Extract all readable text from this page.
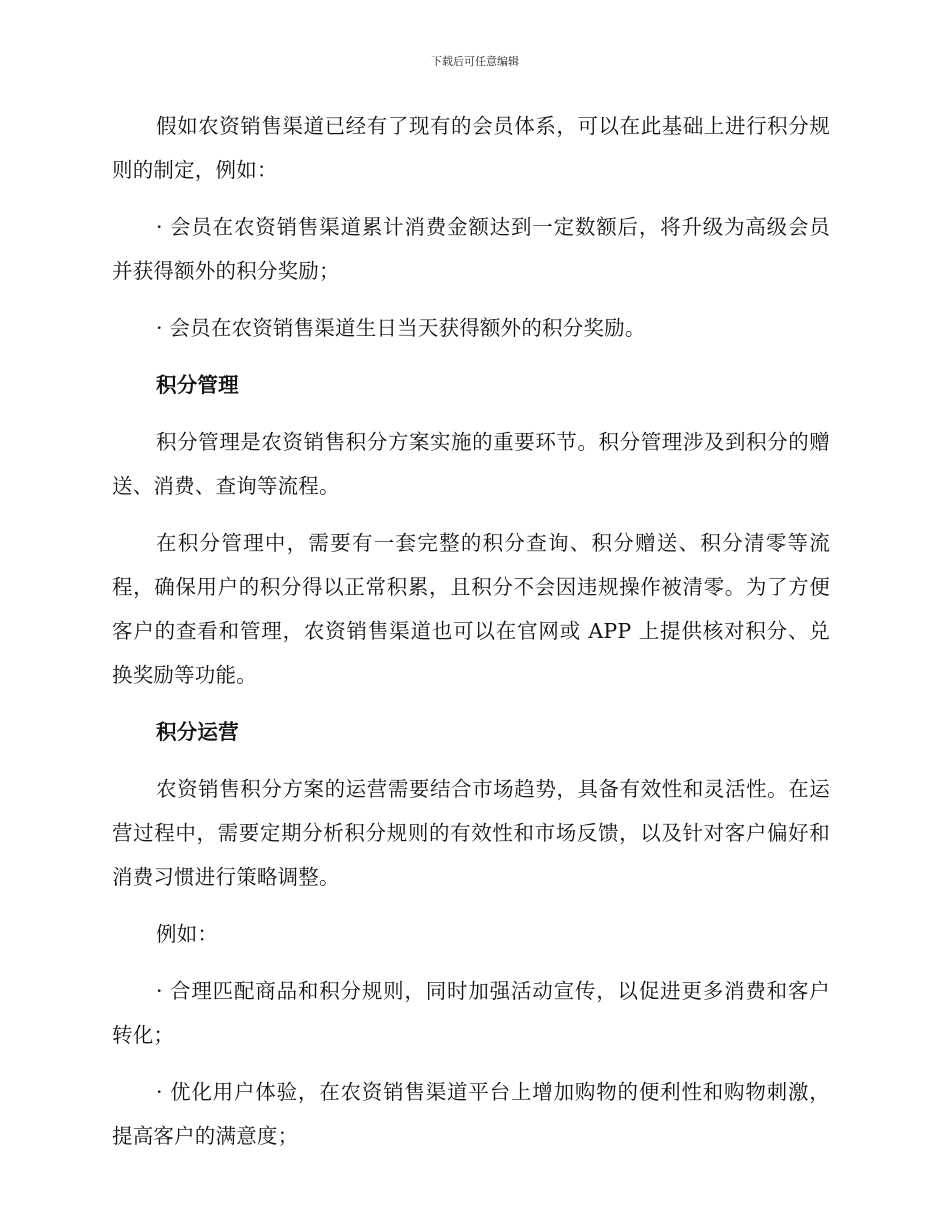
下载后可任意编辑

假如农资销售渠道已经有了现有的会员体系，可以在此基础上进行积分规则的制定，例如：

· 会员在农资销售渠道累计消费金额达到一定数额后，将升级为高级会员并获得额外的积分奖励；

· 会员在农资销售渠道生日当天获得额外的积分奖励。

积分管理

积分管理是农资销售积分方案实施的重要环节。积分管理涉及到积分的赠送、消费、查询等流程。

在积分管理中，需要有一套完整的积分查询、积分赠送、积分清零等流程，确保用户的积分得以正常积累，且积分不会因违规操作被清零。为了方便客户的查看和管理，农资销售渠道也可以在官网或 APP 上提供核对积分、兑换奖励等功能。

积分运营

农资销售积分方案的运营需要结合市场趋势，具备有效性和灵活性。在运营过程中，需要定期分析积分规则的有效性和市场反馈，以及针对客户偏好和消费习惯进行策略调整。

例如：

· 合理匹配商品和积分规则，同时加强活动宣传，以促进更多消费和客户转化；

· 优化用户体验，在农资销售渠道平台上增加购物的便利性和购物刺激，提高客户的满意度；
